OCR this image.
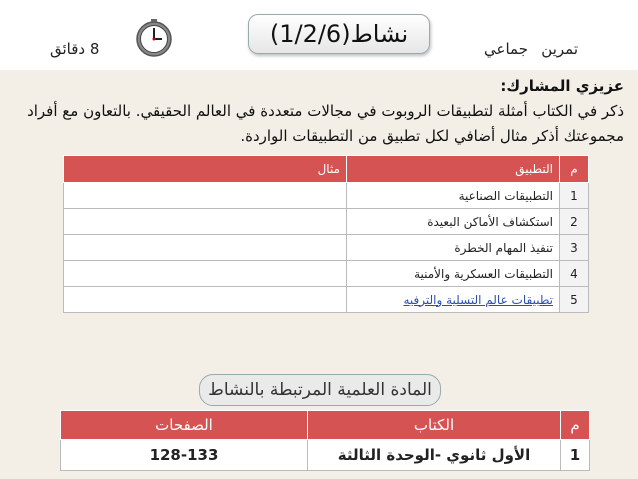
نشاط(1/2/6)
تمرين
جماعي
8 دقائق
عزيزي المشارك:
ذكر في الكتاب أمثلة لتطبيقات الروبوت في مجالات متعددة في العالم الحقيقي. بالتعاون مع أفراد مجموعتك أذكر مثال أضافي لكل تطبيق من التطبيقات الواردة.
م	التطبيق	مثال
1	التطبيقات الصناعية	
2	استكشاف الأماكن البعيدة	
3	تنفيذ المهام الخطرة	
4	التطبيقات العسكرية والأمنية	
5	تطبيقات عالم التسلية والترفيه	
المادة العلمية المرتبطة بالنشاط
م	الكتاب	الصفحات
1	الأول ثانوي -الوحدة الثالثة	128-133
